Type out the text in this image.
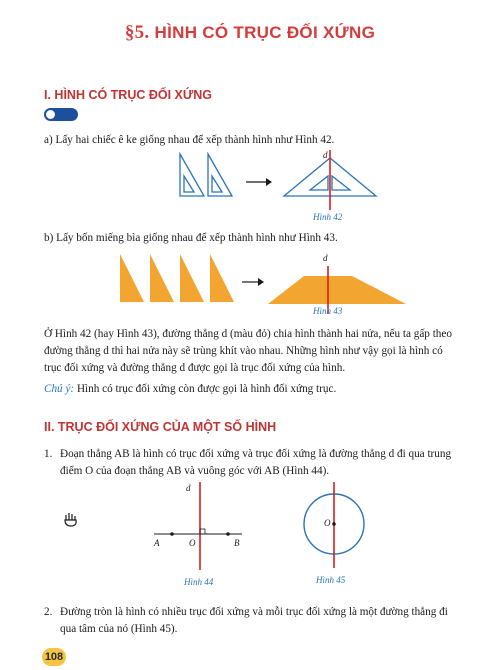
§5. HÌNH CÓ TRỤC ĐỐI XỨNG
I. HÌNH CÓ TRỤC ĐỐI XỨNG
a) Lấy hai chiếc ê ke giống nhau để xếp thành hình như Hình 42.
d
Hình 42
b) Lấy bốn miếng bìa giống nhau để xếp thành hình như Hình 43.
d
Hình 43
Ở Hình 42 (hay Hình 43), đường thẳng d (màu đỏ) chia hình thành hai nửa, nếu ta gấp theo
đường thẳng d thì hai nửa này sẽ trùng khít vào nhau. Những hình như vậy gọi là hình có
trục đối xứng và đường thẳng d được gọi là trục đối xứng của hình.
Chú ý: Hình có trục đối xứng còn được gọi là hình đối xứng trục.
II. TRỤC ĐỐI XỨNG CỦA MỘT SỐ HÌNH
1. Đoạn thẳng AB là hình có trục đối xứng và trục đối xứng là đường thẳng d đi qua trung
điểm O của đoạn thẳng AB và vuông góc với AB (Hình 44).
d
A	O	B
Hình 44
O
Hình 45
2. Đường tròn là hình có nhiều trục đối xứng và mỗi trục đối xứng là một đường thẳng đi
qua tâm của nó (Hình 45).
108
